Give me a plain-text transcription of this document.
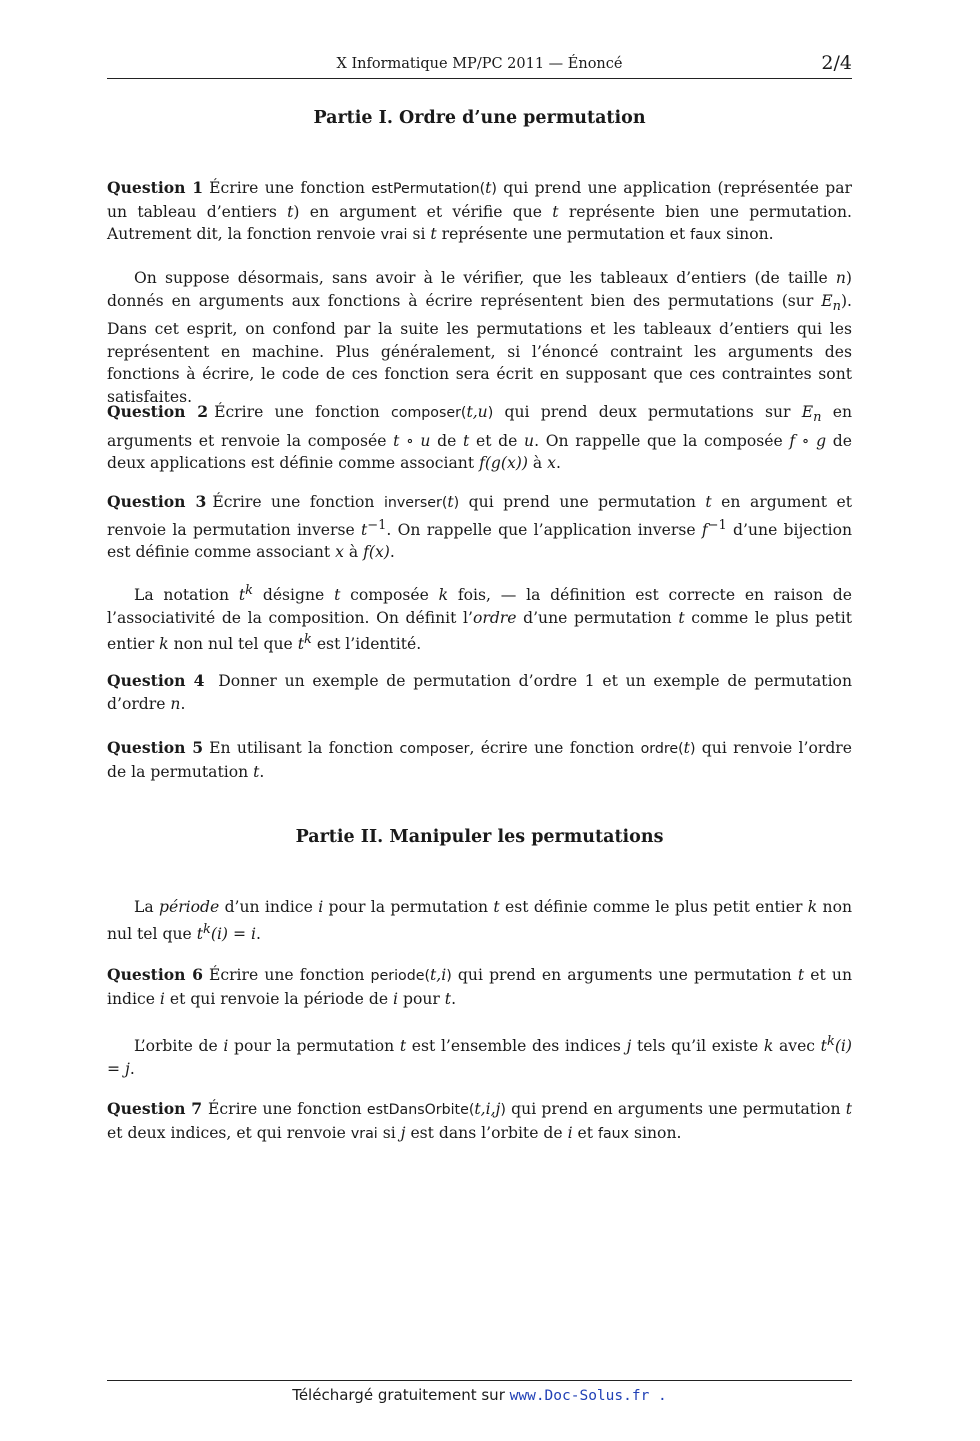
X Informatique MP/PC 2011 — Énoncé	2/4
Partie I. Ordre d’une permutation
Question 1 Écrire une fonction estPermutation(t) qui prend une application (représentée par un tableau d’entiers t) en argument et vérifie que t représente bien une permutation. Autrement dit, la fonction renvoie vrai si t représente une permutation et faux sinon.
On suppose désormais, sans avoir à le vérifier, que les tableaux d’entiers (de taille n) donnés en arguments aux fonctions à écrire représentent bien des permutations (sur $E_n$). Dans cet esprit, on confond par la suite les permutations et les tableaux d’entiers qui les représentent en machine. Plus généralement, si l’énoncé contraint les arguments des fonctions à écrire, le code de ces fonction sera écrit en supposant que ces contraintes sont satisfaites.
Question 2 Écrire une fonction composer(t,u) qui prend deux permutations sur $E_n$ en arguments et renvoie la composée t ∘ u de t et de u. On rappelle que la composée f ∘ g de deux applications est définie comme associant f(g(x)) à x.
Question 3 Écrire une fonction inverser(t) qui prend une permutation t en argument et renvoie la permutation inverse $t^{-1}$. On rappelle que l’application inverse $f^{-1}$ d’une bijection est définie comme associant x à f(x).
La notation $t^k$ désigne t composée k fois, — la définition est correcte en raison de l’associativité de la composition. On définit l’ordre d’une permutation t comme le plus petit entier k non nul tel que $t^k$ est l’identité.
Question 4 Donner un exemple de permutation d’ordre 1 et un exemple de permutation d’ordre n.
Question 5 En utilisant la fonction composer, écrire une fonction ordre(t) qui renvoie l’ordre de la permutation t.
Partie II. Manipuler les permutations
La période d’un indice i pour la permutation t est définie comme le plus petit entier k non nul tel que $t^k(i) = i$.
Question 6 Écrire une fonction periode(t,i) qui prend en arguments une permutation t et un indice i et qui renvoie la période de i pour t.
L’orbite de i pour la permutation t est l’ensemble des indices j tels qu’il existe k avec $t^k(i) = j$.
Question 7 Écrire une fonction estDansOrbite(t,i,j) qui prend en arguments une permutation t et deux indices, et qui renvoie vrai si j est dans l’orbite de i et faux sinon.
Téléchargé gratuitement sur www.Doc-Solus.fr .
